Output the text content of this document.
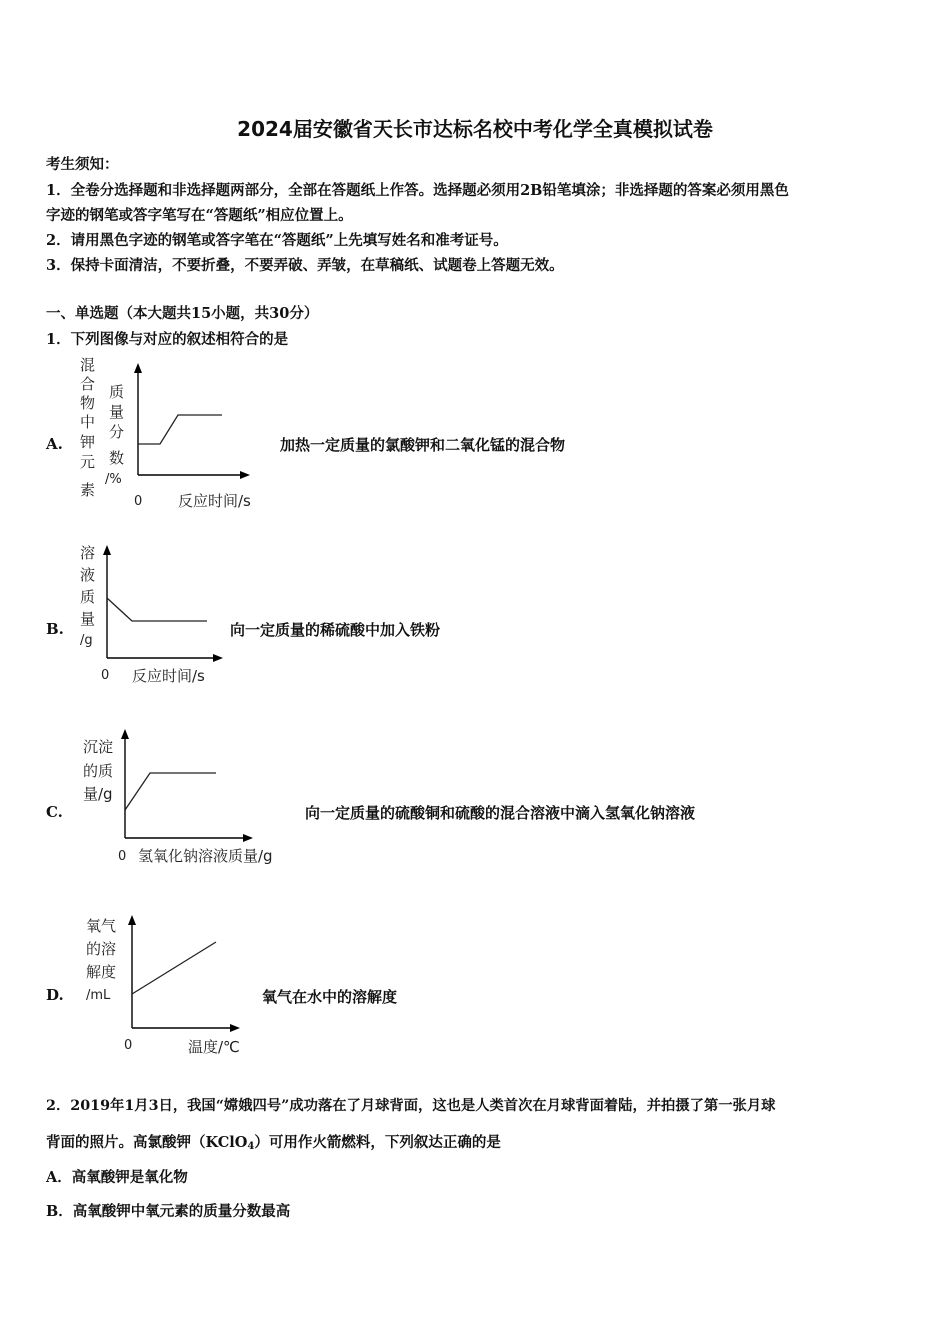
2024届安徽省天长市达标名校中考化学全真模拟试卷
考生须知：
1．全卷分选择题和非选择题两部分，全部在答题纸上作答。选择题必须用2B铅笔填涂；非选择题的答案必须用黑色
字迹的钢笔或答字笔写在“答题纸”相应位置上。
2．请用黑色字迹的钢笔或答字笔在“答题纸”上先填写姓名和准考证号。
3．保持卡面清洁，不要折叠，不要弄破、弄皱，在草稿纸、试题卷上答题无效。
一、单选题（本大题共15小题，共30分）
1．下列图像与对应的叙述相符合的是
A.
混
合
物
中
钾
元
素
质
量
分
数
/%
0 反应时间/s
加热一定质量的氯酸钾和二氧化锰的混合物
B.
溶
液
质
量
/g
0 反应时间/s
向一定质量的稀硫酸中加入铁粉
C.
沉淀
的质
量/g
0 氢氧化钠溶液质量/g
向一定质量的硫酸铜和硫酸的混合溶液中滴入氢氧化钠溶液
D.
氧气
的溶
解度
/mL
0	温度/℃
氧气在水中的溶解度
2．2019年1月3日，我国“嫦娥四号”成功落在了月球背面，这也是人类首次在月球背面着陆，并拍摄了第一张月球
背面的照片。高氯酸钾（KClO$_4$）可用作火箭燃料，下列叙达正确的是
A．高氧酸钾是氧化物
B．高氧酸钾中氧元素的质量分数最高
